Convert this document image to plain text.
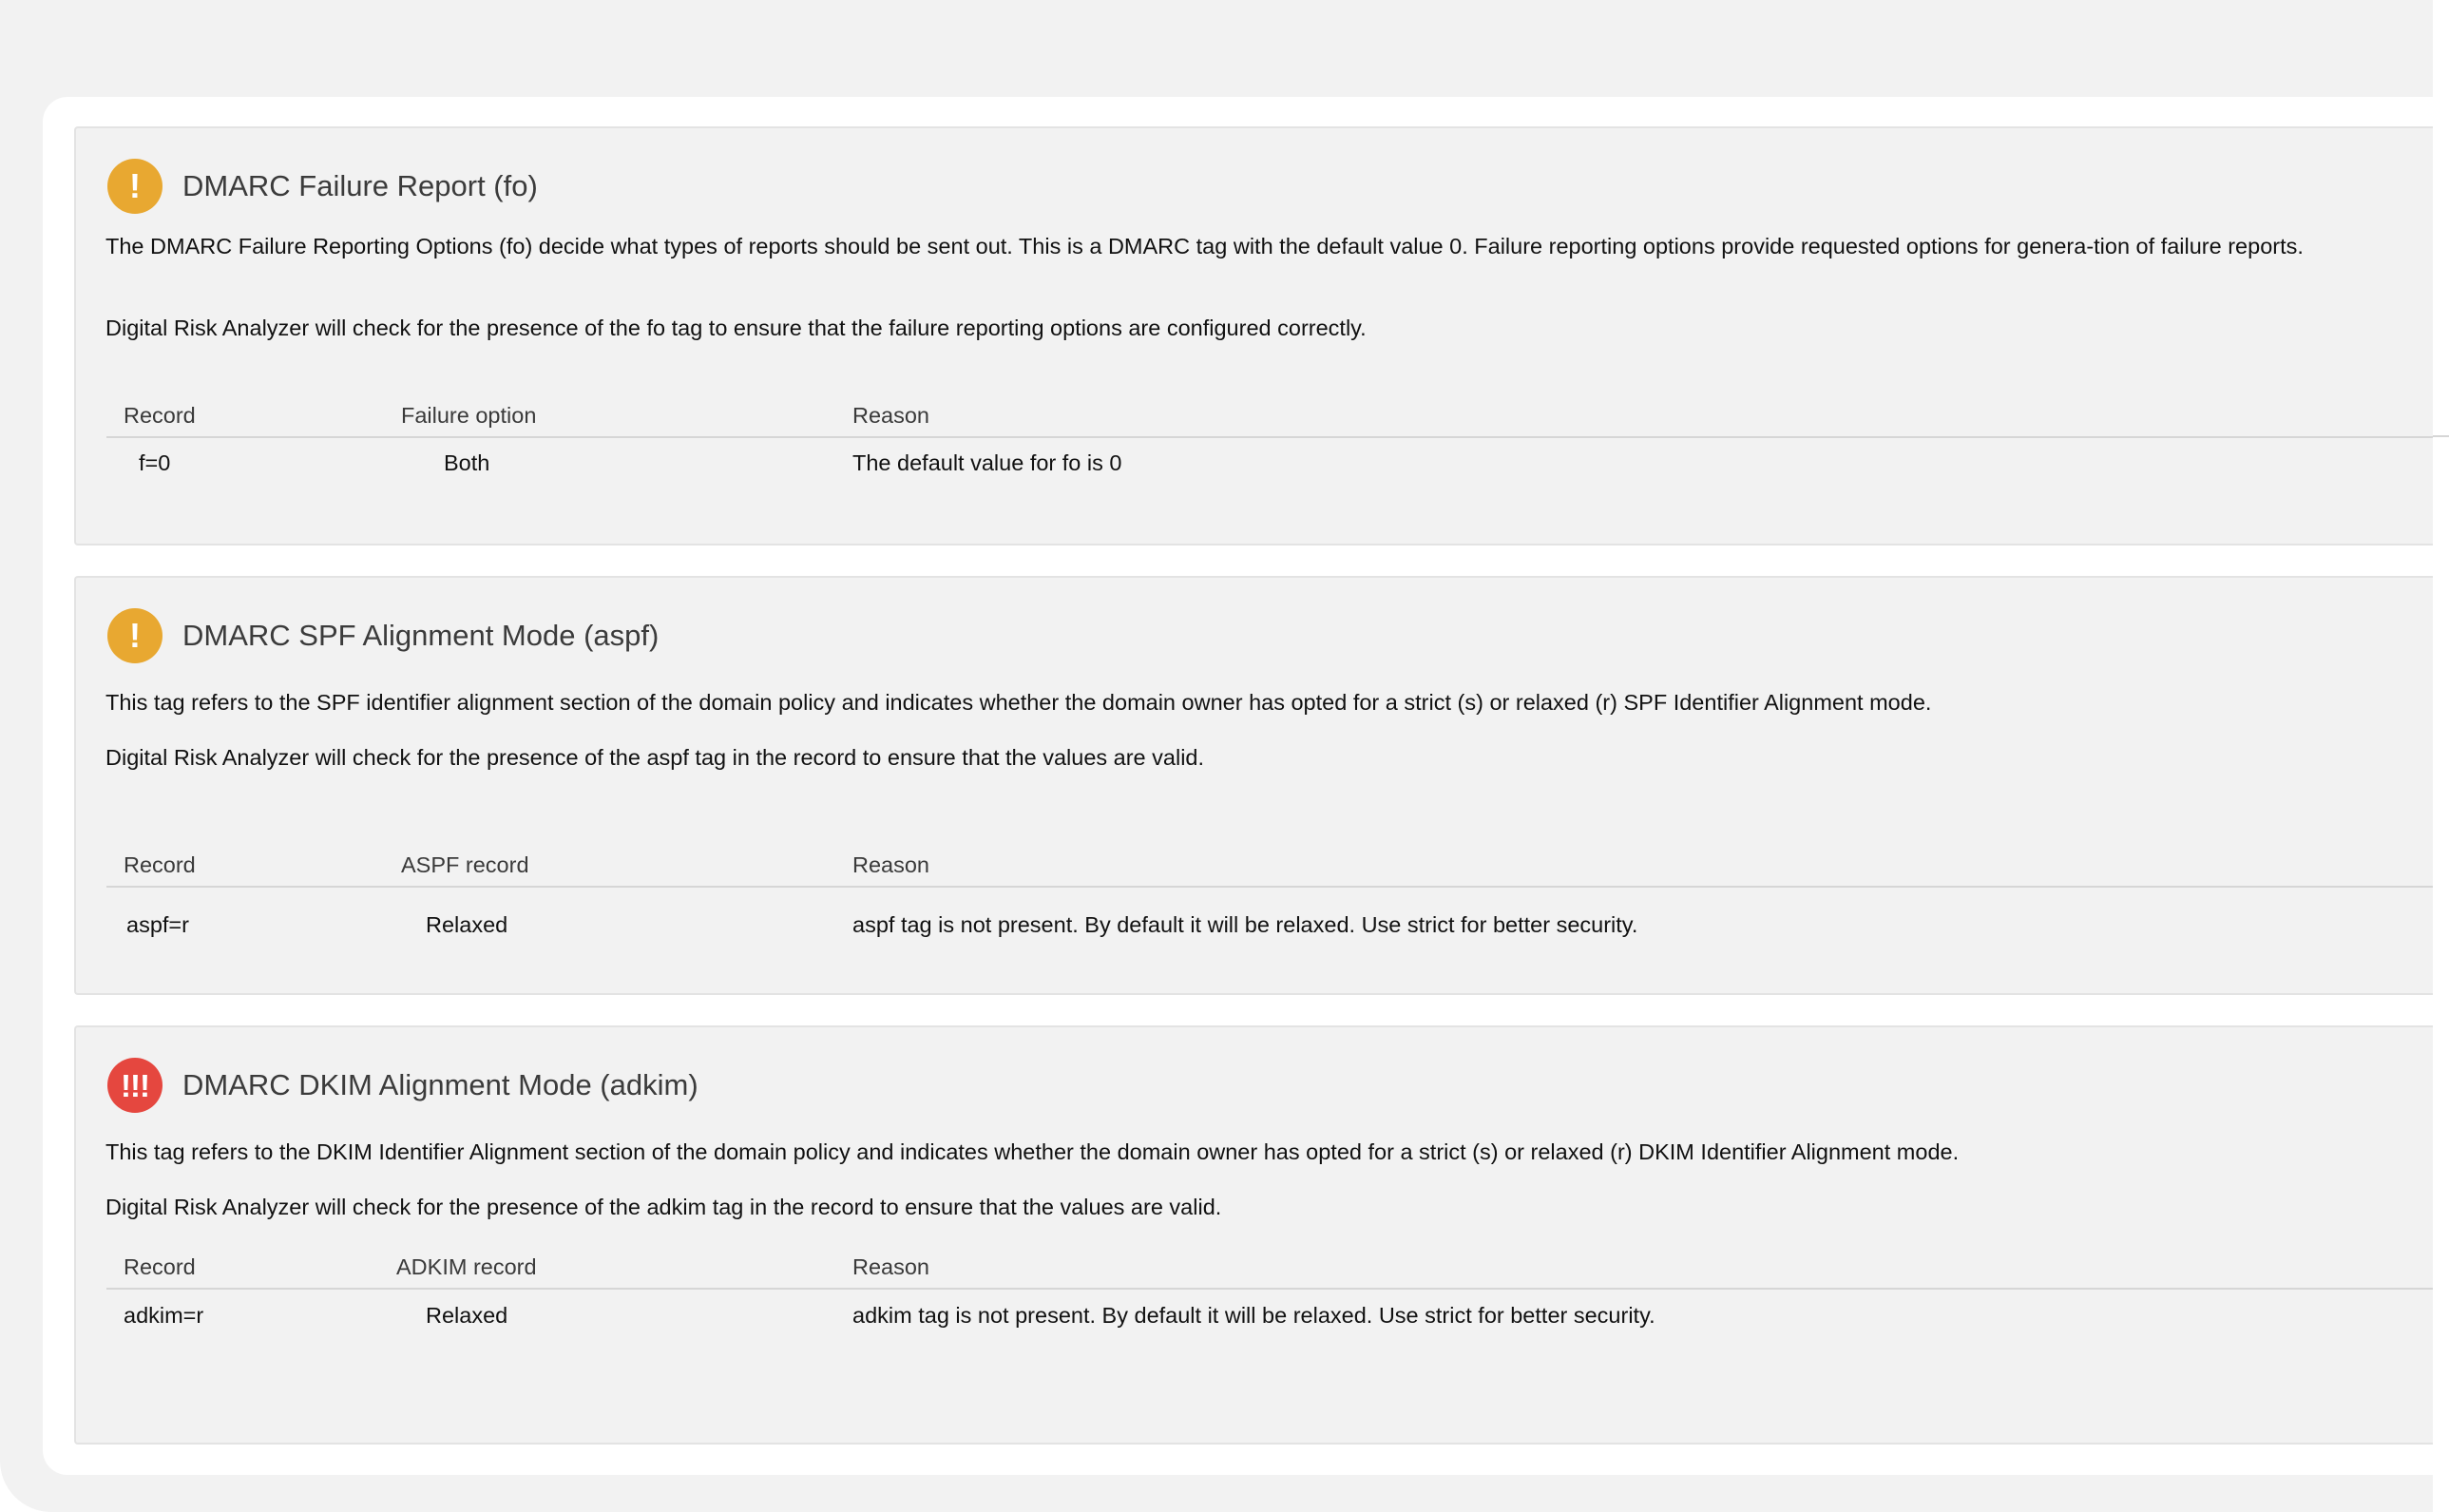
!	DMARC Failure Report (fo)

The DMARC Failure Reporting Options (fo) decide what types of reports should be sent out. This is a DMARC tag with the default value 0. Failure reporting options provide requested options for genera-tion of failure reports.

Digital Risk Analyzer will check for the presence of the fo tag to ensure that the failure reporting options are configured correctly.

Record	Failure option	Reason
f=0	Both	The default value for fo is 0
!	DMARC SPF Alignment Mode (aspf)

This tag refers to the SPF identifier alignment section of the domain policy and indicates whether the domain owner has opted for a strict (s) or relaxed (r) SPF Identifier Alignment mode.

Digital Risk Analyzer will check for the presence of the aspf tag in the record to ensure that the values are valid.

Record	ASPF record	Reason
aspf=r	Relaxed	aspf tag is not present. By default it will be relaxed. Use strict for better security.
!!!	DMARC DKIM Alignment Mode (adkim)

This tag refers to the DKIM Identifier Alignment section of the domain policy and indicates whether the domain owner has opted for a strict (s) or relaxed (r) DKIM Identifier Alignment mode.

Digital Risk Analyzer will check for the presence of the adkim tag in the record to ensure that the values are valid.

Record	ADKIM record	Reason
adkim=r	Relaxed	adkim tag is not present. By default it will be relaxed. Use strict for better security.
